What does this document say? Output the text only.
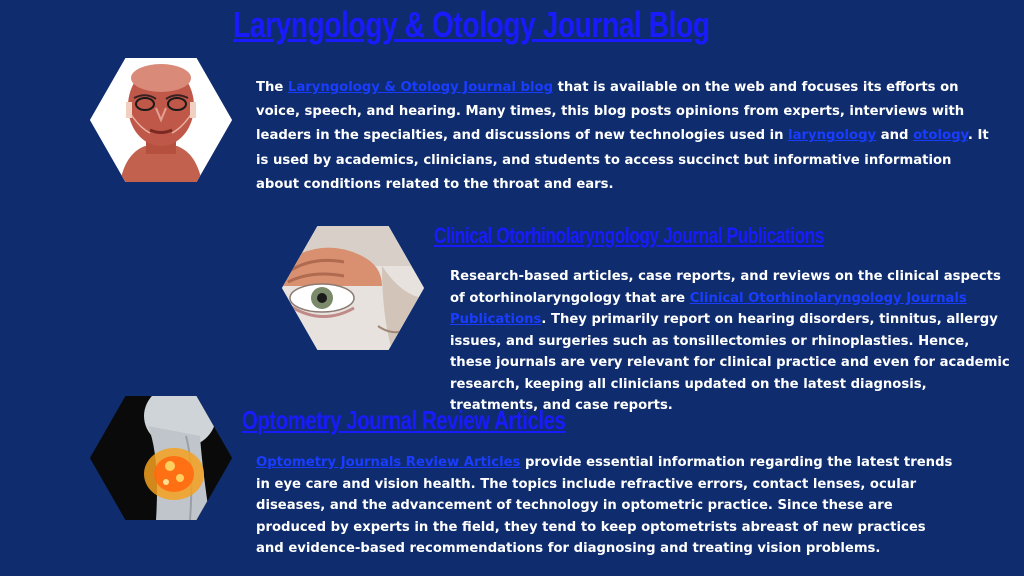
Laryngology & Otology Journal Blog
The Laryngology & Otology Journal blog that is available on the web and focuses its efforts on voice, speech, and hearing. Many times, this blog posts opinions from experts, interviews with leaders in the specialties, and discussions of new technologies used in laryngology and otology. It is used by academics, clinicians, and students to access succinct but informative information about conditions related to the throat and ears.
Clinical Otorhinolaryngology Journal Publications
Research-based articles, case reports, and reviews on the clinical aspects of otorhinolaryngology that are Clinical Otorhinolaryngology Journals Publications. They primarily report on hearing disorders, tinnitus, allergy issues, and surgeries such as tonsillectomies or rhinoplasties. Hence, these journals are very relevant for clinical practice and even for academic research, keeping all clinicians updated on the latest diagnosis, treatments, and case reports.
Optometry Journal Review Articles
Optometry Journals Review Articles provide essential information regarding the latest trends in eye care and vision health. The topics include refractive errors, contact lenses, ocular diseases, and the advancement of technology in optometric practice. Since these are produced by experts in the field, they tend to keep optometrists abreast of new practices and evidence-based recommendations for diagnosing and treating vision problems.
